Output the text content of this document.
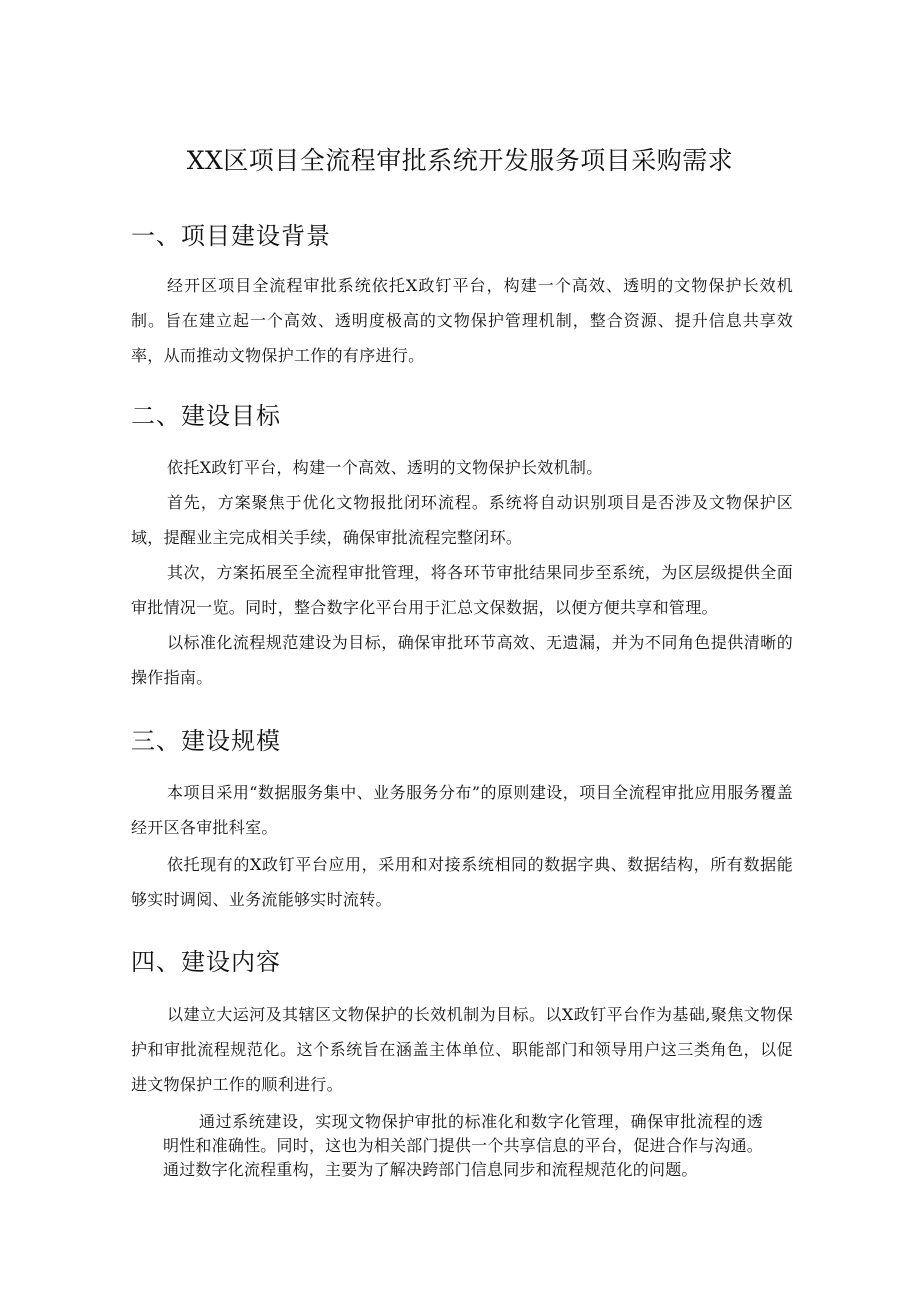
XX区项目全流程审批系统开发服务项目采购需求
一、项目建设背景

经开区项目全流程审批系统依托X政钉平台，构建一个高效、透明的文物保护长效机制。旨在建立起一个高效、透明度极高的文物保护管理机制，整合资源、提升信息共享效率，从而推动文物保护工作的有序进行。

二、建设目标

依托X政钉平台，构建一个高效、透明的文物保护长效机制。

首先，方案聚焦于优化文物报批闭环流程。系统将自动识别项目是否涉及文物保护区域，提醒业主完成相关手续，确保审批流程完整闭环。

其次，方案拓展至全流程审批管理，将各环节审批结果同步至系统，为区层级提供全面审批情况一览。同时，整合数字化平台用于汇总文保数据，以便方便共享和管理。

以标准化流程规范建设为目标，确保审批环节高效、无遗漏，并为不同角色提供清晰的操作指南。

三、建设规模

本项目采用“数据服务集中、业务服务分布”的原则建设，项目全流程审批应用服务覆盖经开区各审批科室。

依托现有的X政钉平台应用，采用和对接系统相同的数据字典、数据结构，所有数据能够实时调阅、业务流能够实时流转。

四、建设内容

以建立大运河及其辖区文物保护的长效机制为目标。以X政钉平台作为基础,聚焦文物保护和审批流程规范化。这个系统旨在涵盖主体单位、职能部门和领导用户这三类角色，以促进文物保护工作的顺利进行。

通过系统建设，实现文物保护审批的标准化和数字化管理，确保审批流程的透明性和准确性。同时，这也为相关部门提供一个共享信息的平台，促进合作与沟通。通过数字化流程重构，主要为了解决跨部门信息同步和流程规范化的问题。
